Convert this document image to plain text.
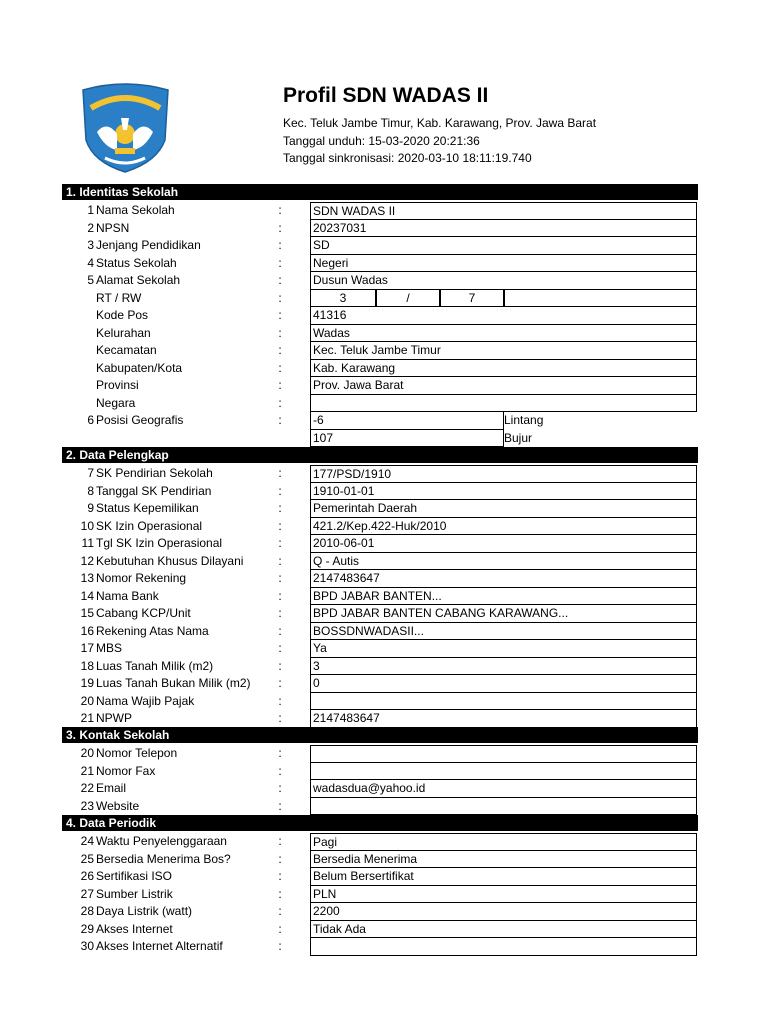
Profil SDN WADAS II
Kec. Teluk Jambe Timur, Kab. Karawang, Prov. Jawa Barat
Tanggal unduh: 15-03-2020 20:21:36
Tanggal sinkronisasi: 2020-03-10 18:11:19.740
1. Identitas Sekolah
1 Nama Sekolah	:	SDN WADAS II
2 NPSN	:	20237031
3 Jenjang Pendidikan	:	SD
4 Status Sekolah	:	Negeri
5 Alamat Sekolah	:	Dusun Wadas
RT / RW	:	3	/	7
Kode Pos	:	41316
Kelurahan	:	Wadas
Kecamatan	:	Kec. Teluk Jambe Timur
Kabupaten/Kota	:	Kab. Karawang
Provinsi	:	Prov. Jawa Barat
Negara	:
6 Posisi Geografis	:	-6	Lintang
107	Bujur
2. Data Pelengkap
7 SK Pendirian Sekolah	:	177/PSD/1910
8 Tanggal SK Pendirian	:	1910-01-01
9 Status Kepemilikan	:	Pemerintah Daerah
10 SK Izin Operasional	:	421.2/Kep.422-Huk/2010
11 Tgl SK Izin Operasional	:	2010-06-01
12 Kebutuhan Khusus Dilayani	:	Q - Autis
13 Nomor Rekening	:	2147483647
14 Nama Bank	:	BPD JABAR BANTEN...
15 Cabang KCP/Unit	:	BPD JABAR BANTEN CABANG KARAWANG...
16 Rekening Atas Nama	:	BOSSDNWADASII...
17 MBS	:	Ya
18 Luas Tanah Milik (m2)	:	3
19 Luas Tanah Bukan Milik (m2) :	0
20 Nama Wajib Pajak	:
21 NPWP	:	2147483647
3. Kontak Sekolah
20 Nomor Telepon	:
21 Nomor Fax	:
22 Email	:	wadasdua@yahoo.id
23 Website	:
4. Data Periodik
24 Waktu Penyelenggaraan	:	Pagi
25 Bersedia Menerima Bos?	:	Bersedia Menerima
26 Sertifikasi ISO	:	Belum Bersertifikat
27 Sumber Listrik	:	PLN
28 Daya Listrik (watt)	:	2200
29 Akses Internet	:	Tidak Ada
30 Akses Internet Alternatif	:
